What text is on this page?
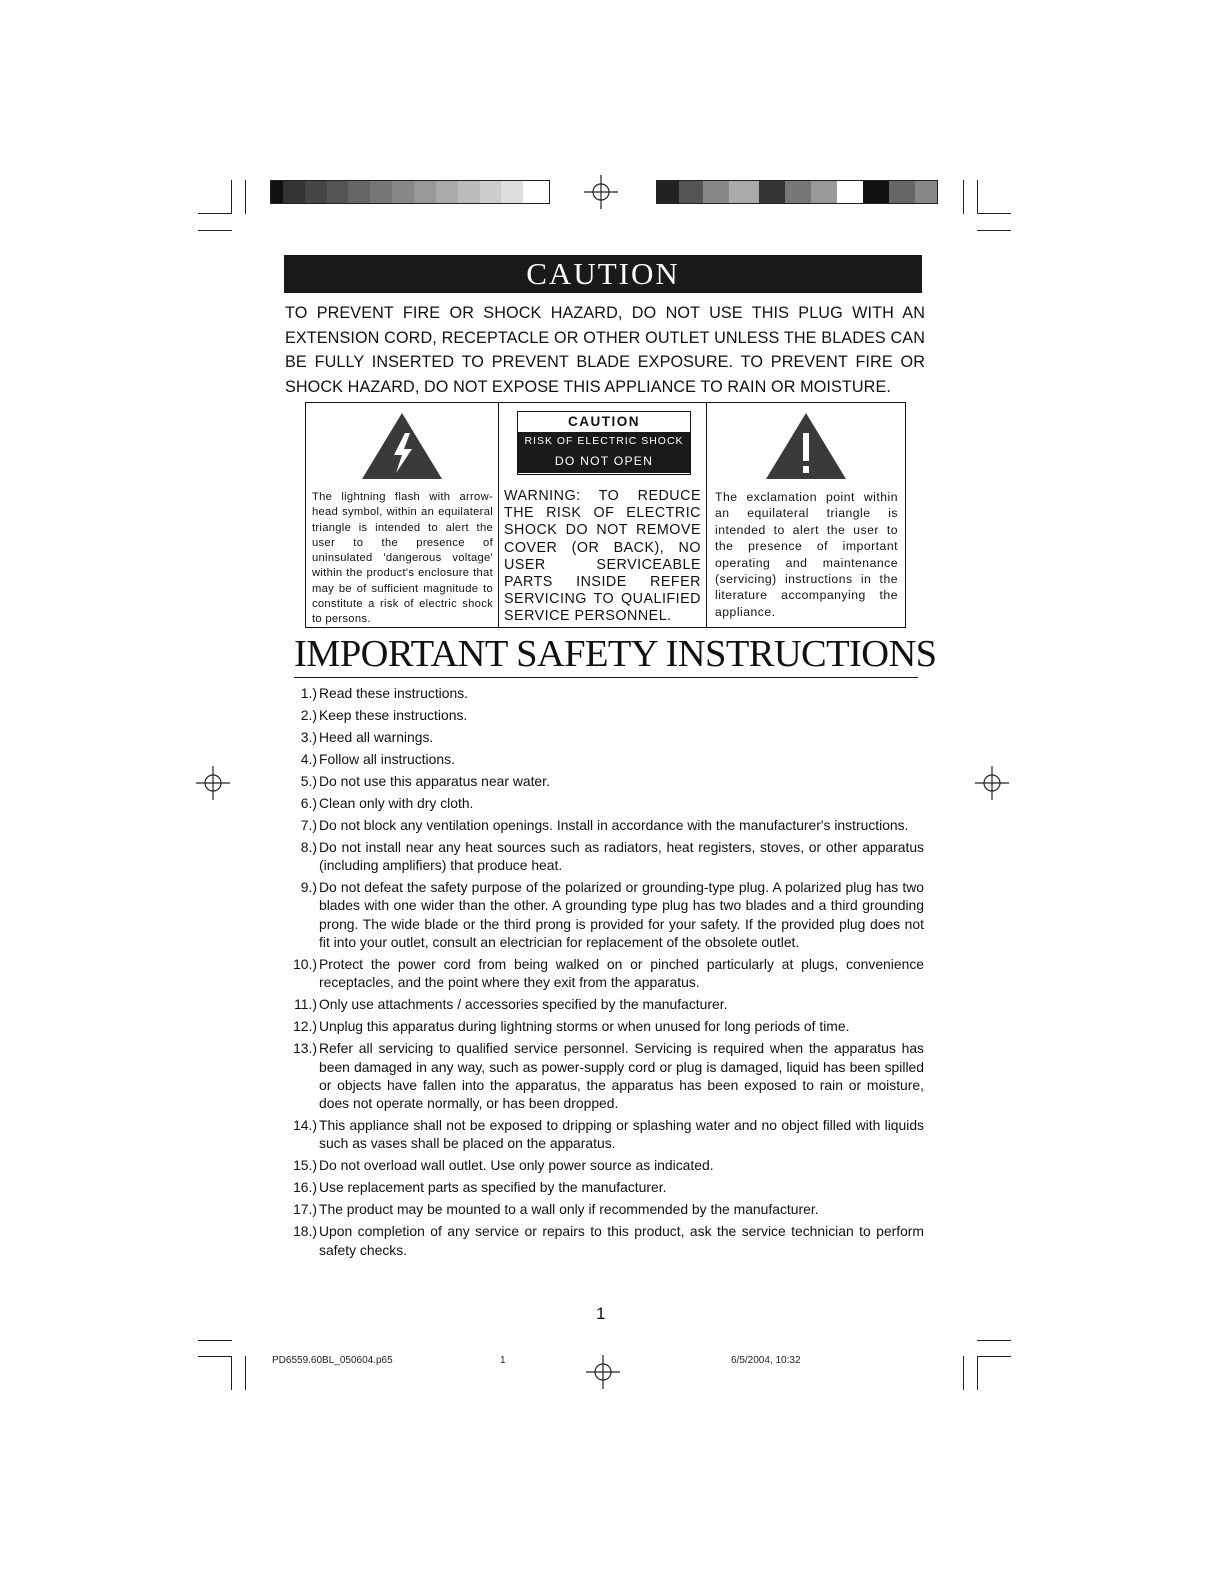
CAUTION
TO PREVENT FIRE OR SHOCK HAZARD, DO NOT USE THIS PLUG WITH AN EXTENSION CORD, RECEPTACLE OR OTHER OUTLET UNLESS THE BLADES CAN BE FULLY INSERTED TO PREVENT BLADE EXPOSURE. TO PREVENT FIRE OR SHOCK HAZARD, DO NOT EXPOSE THIS APPLIANCE TO RAIN OR MOISTURE.
The lightning flash with arrow-head symbol, within an equilateral triangle is intended to alert the user to the presence of uninsulated 'dangerous voltage' within the product's enclosure that may be of sufficient magnitude to constitute a risk of electric shock to persons.
CAUTION
RISK OF ELECTRIC SHOCK
DO NOT OPEN
WARNING: TO REDUCE THE RISK OF ELECTRIC SHOCK DO NOT REMOVE COVER (OR BACK), NO USER SERVICEABLE PARTS INSIDE REFER SERVICING TO QUALIFIED SERVICE PERSONNEL.
The exclamation point within an equilateral triangle is intended to alert the user to the presence of important operating and maintenance (servicing) instructions in the literature accompanying the appliance.
IMPORTANT SAFETY INSTRUCTIONS
1.) Read these instructions.
2.) Keep these instructions.
3.) Heed all warnings.
4.) Follow all instructions.
5.) Do not use this apparatus near water.
6.) Clean only with dry cloth.
7.) Do not block any ventilation openings. Install in accordance with the manufacturer's instructions.
8.) Do not install near any heat sources such as radiators, heat registers, stoves, or other apparatus (including amplifiers) that produce heat.
9.) Do not defeat the safety purpose of the polarized or grounding-type plug. A polarized plug has two blades with one wider than the other. A grounding type plug has two blades and a third grounding prong. The wide blade or the third prong is provided for your safety. If the provided plug does not fit into your outlet, consult an electrician for replacement of the obsolete outlet.
10.) Protect the power cord from being walked on or pinched particularly at plugs, convenience receptacles, and the point where they exit from the apparatus.
11.) Only use attachments / accessories specified by the manufacturer.
12.) Unplug this apparatus during lightning storms or when unused for long periods of time.
13.) Refer all servicing to qualified service personnel. Servicing is required when the apparatus has been damaged in any way, such as power-supply cord or plug is damaged, liquid has been spilled or objects have fallen into the apparatus, the apparatus has been exposed to rain or moisture, does not operate normally, or has been dropped.
14.) This appliance shall not be exposed to dripping or splashing water and no object filled with liquids such as vases shall be placed on the apparatus.
15.) Do not overload wall outlet. Use only power source as indicated.
16.) Use replacement parts as specified by the manufacturer.
17.) The product may be mounted to a wall only if recommended by the manufacturer.
18.) Upon completion of any service or repairs to this product, ask the service technician to perform safety checks.
1
PD6559.60BL_050604.p65	1	6/5/2004, 10:32
